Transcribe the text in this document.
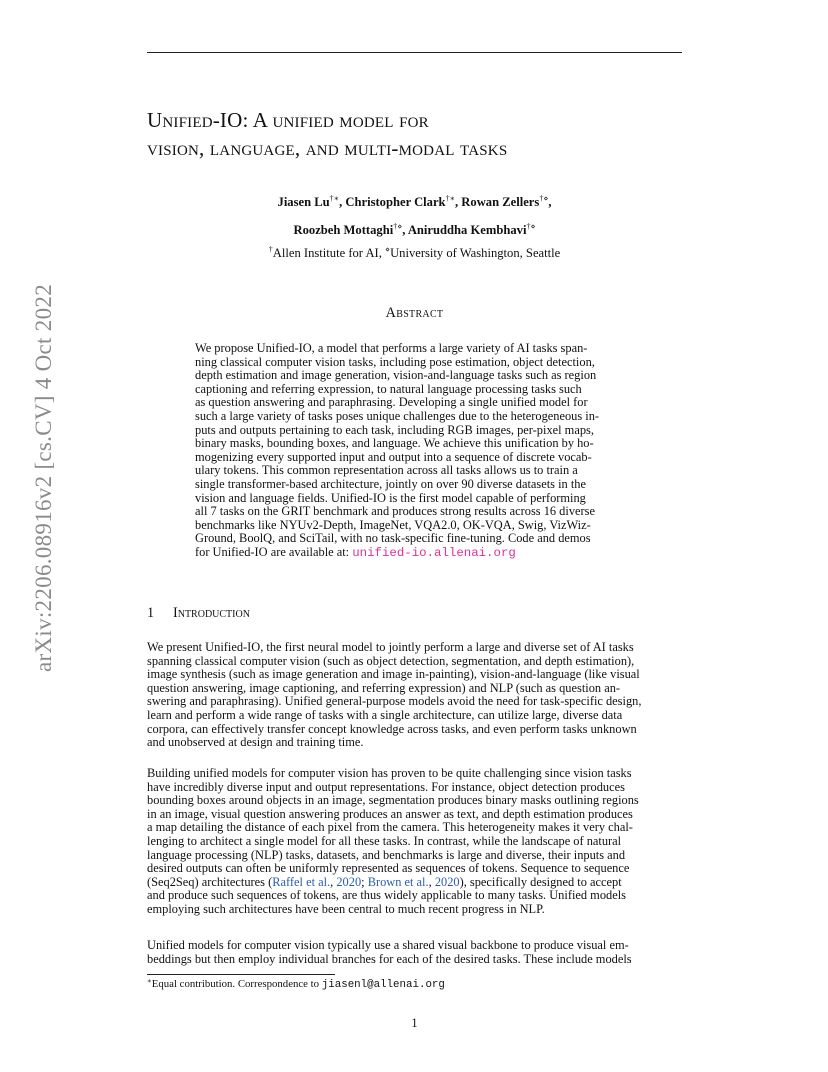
arXiv:2206.08916v2 [cs.CV] 4 Oct 2022
Unified-IO: A unified model for
vision, language, and multi-modal tasks
Jiasen Lu†∗, Christopher Clark†∗, Rowan Zellers†⋄,
Roozbeh Mottaghi†⋄, Aniruddha Kembhavi†⋄
†Allen Institute for AI, ⋄University of Washington, Seattle
Abstract
We propose Unified-IO, a model that performs a large variety of AI tasks span-
ning classical computer vision tasks, including pose estimation, object detection,
depth estimation and image generation, vision-and-language tasks such as region
captioning and referring expression, to natural language processing tasks such
as question answering and paraphrasing. Developing a single unified model for
such a large variety of tasks poses unique challenges due to the heterogeneous in-
puts and outputs pertaining to each task, including RGB images, per-pixel maps,
binary masks, bounding boxes, and language. We achieve this unification by ho-
mogenizing every supported input and output into a sequence of discrete vocab-
ulary tokens. This common representation across all tasks allows us to train a
single transformer-based architecture, jointly on over 90 diverse datasets in the
vision and language fields. Unified-IO is the first model capable of performing
all 7 tasks on the GRIT benchmark and produces strong results across 16 diverse
benchmarks like NYUv2-Depth, ImageNet, VQA2.0, OK-VQA, Swig, VizWiz-
Ground, BoolQ, and SciTail, with no task-specific fine-tuning. Code and demos
for Unified-IO are available at: unified-io.allenai.org
1 Introduction
We present Unified-IO, the first neural model to jointly perform a large and diverse set of AI tasks
spanning classical computer vision (such as object detection, segmentation, and depth estimation),
image synthesis (such as image generation and image in-painting), vision-and-language (like visual
question answering, image captioning, and referring expression) and NLP (such as question an-
swering and paraphrasing). Unified general-purpose models avoid the need for task-specific design,
learn and perform a wide range of tasks with a single architecture, can utilize large, diverse data
corpora, can effectively transfer concept knowledge across tasks, and even perform tasks unknown
and unobserved at design and training time.
Building unified models for computer vision has proven to be quite challenging since vision tasks
have incredibly diverse input and output representations. For instance, object detection produces
bounding boxes around objects in an image, segmentation produces binary masks outlining regions
in an image, visual question answering produces an answer as text, and depth estimation produces
a map detailing the distance of each pixel from the camera. This heterogeneity makes it very chal-
lenging to architect a single model for all these tasks. In contrast, while the landscape of natural
language processing (NLP) tasks, datasets, and benchmarks is large and diverse, their inputs and
desired outputs can often be uniformly represented as sequences of tokens. Sequence to sequence
(Seq2Seq) architectures (Raffel et al., 2020; Brown et al., 2020), specifically designed to accept
and produce such sequences of tokens, are thus widely applicable to many tasks. Unified models
employing such architectures have been central to much recent progress in NLP.
Unified models for computer vision typically use a shared visual backbone to produce visual em-
beddings but then employ individual branches for each of the desired tasks. These include models
∗Equal contribution. Correspondence to jiasenl@allenai.org
1
